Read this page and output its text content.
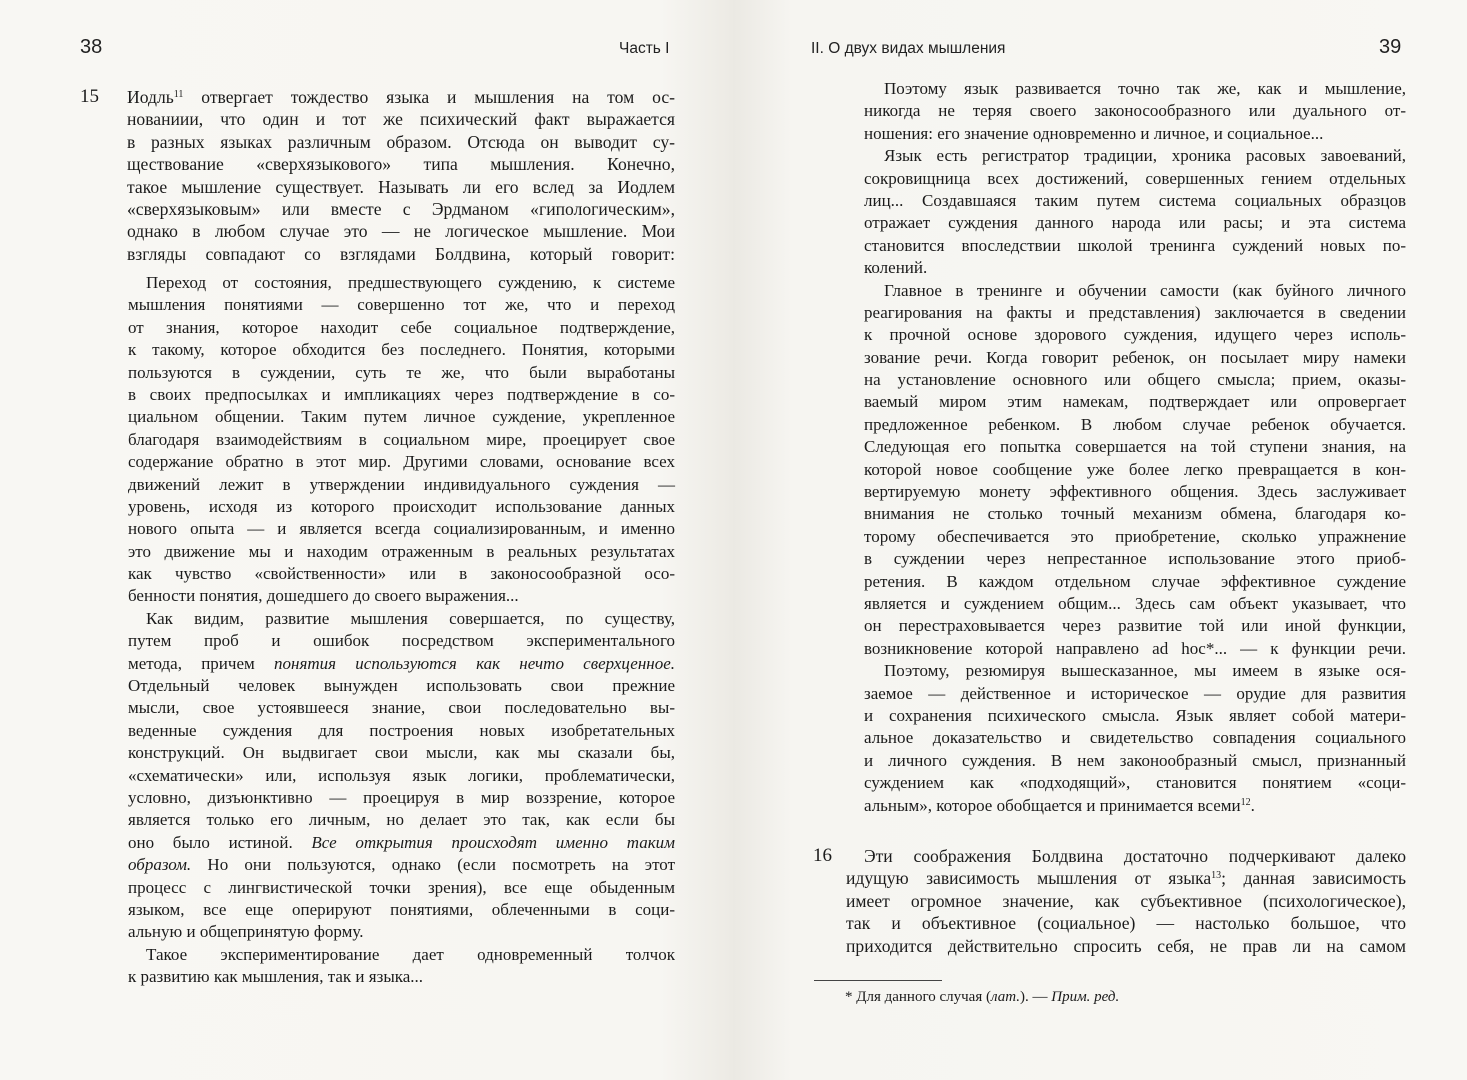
38	Часть I
15 Иодль$^{11}$ отвергает тождество языка и мышления на том ос-
нованиии, что один и тот же психический факт выражается
в разных языках различным образом. Отсюда он выводит су-
ществование «сверхязыкового» типа мышления. Конечно,
такое мышление существует. Называть ли его вслед за Иодлем
«сверхязыковым» или вместе с Эрдманом «гипологическим»,
однако в любом случае это — не логическое мышление. Мои
взгляды совпадают со взглядами Болдвина, который говорит:
Переход от состояния, предшествующего суждению, к системе
мышления понятиями — совершенно тот же, что и переход
от знания, которое находит себе социальное подтверждение,
к такому, которое обходится без последнего. Понятия, которыми
пользуются в суждении, суть те же, что были выработаны
в своих предпосылках и импликациях через подтверждение в со-
циальном общении. Таким путем личное суждение, укрепленное
благодаря взаимодействиям в социальном мире, проецирует свое
содержание обратно в этот мир. Другими словами, основание всех
движений лежит в утверждении индивидуального суждения —
уровень, исходя из которого происходит использование данных
нового опыта — и является всегда социализированным, и именно
это движение мы и находим отраженным в реальных результатах
как чувство «свойственности» или в законосообразной осо-
бенности понятия, дошедшего до своего выражения...
Как видим, развитие мышления совершается, по существу,
путем проб и ошибок посредством экспериментального
метода, причем понятия используются как нечто сверхценное.
Отдельный человек вынужден использовать свои прежние
мысли, свое устоявшееся знание, свои последовательно вы-
веденные суждения для построения новых изобретательных
конструкций. Он выдвигает свои мысли, как мы сказали бы,
«схематически» или, используя язык логики, проблематически,
условно, дизъюнктивно — проецируя в мир воззрение, которое
является только его личным, но делает это так, как если бы
оно было истиной. Все открытия происходят именно таким
образом. Но они пользуются, однако (если посмотреть на этот
процесс с лингвистической точки зрения), все еще обыденным
языком, все еще оперируют понятиями, облеченными в соци-
альную и общепринятую форму.
Такое экспериментирование дает одновременный толчок
к развитию как мышления, так и языка...
II. О двух видах мышления	39
Поэтому язык развивается точно так же, как и мышление,
никогда не теряя своего законосообразного или дуального от-
ношения: его значение одновременно и личное, и социальное...
Язык есть регистратор традиции, хроника расовых завоеваний,
сокровищница всех достижений, совершенных гением отдельных
лиц... Создавшаяся таким путем система социальных образцов
отражает суждения данного народа или расы; и эта система
становится впоследствии школой тренинга суждений новых по-
колений.
Главное в тренинге и обучении самости (как буйного личного
реагирования на факты и представления) заключается в сведении
к прочной основе здорового суждения, идущего через исполь-
зование речи. Когда говорит ребенок, он посылает миру намеки
на установление основного или общего смысла; прием, оказы-
ваемый миром этим намекам, подтверждает или опровергает
предложенное ребенком. В любом случае ребенок обучается.
Следующая его попытка совершается на той ступени знания, на
которой новое сообщение уже более легко превращается в кон-
вертируемую монету эффективного общения. Здесь заслуживает
внимания не столько точный механизм обмена, благодаря ко-
торому обеспечивается это приобретение, сколько упражнение
в суждении через непрестанное использование этого приоб-
ретения. В каждом отдельном случае эффективное суждение
является и суждением общим... Здесь сам объект указывает, что
он перестраховывается через развитие той или иной функции,
возникновение которой направлено ad hoc*... — к функции речи.
Поэтому, резюмируя вышесказанное, мы имеем в языке ося-
заемое — действенное и историческое — орудие для развития
и сохранения психического смысла. Язык являет собой матери-
альное доказательство и свидетельство совпадения социального
и личного суждения. В нем законообразный смысл, признанный
суждением как «подходящий», становится понятием «соци-
альным», которое обобщается и принимается всеми$^{12}$.
16	Эти соображения Болдвина достаточно подчеркивают далеко
идущую зависимость мышления от языка$^{13}$; данная зависимость
имеет огромное значение, как субъективное (психологическое),
так и объективное (социальное) — настолько большое, что
приходится действительно спросить себя, не прав ли на самом
* Для данного случая (лат.). — Прим. ред.
